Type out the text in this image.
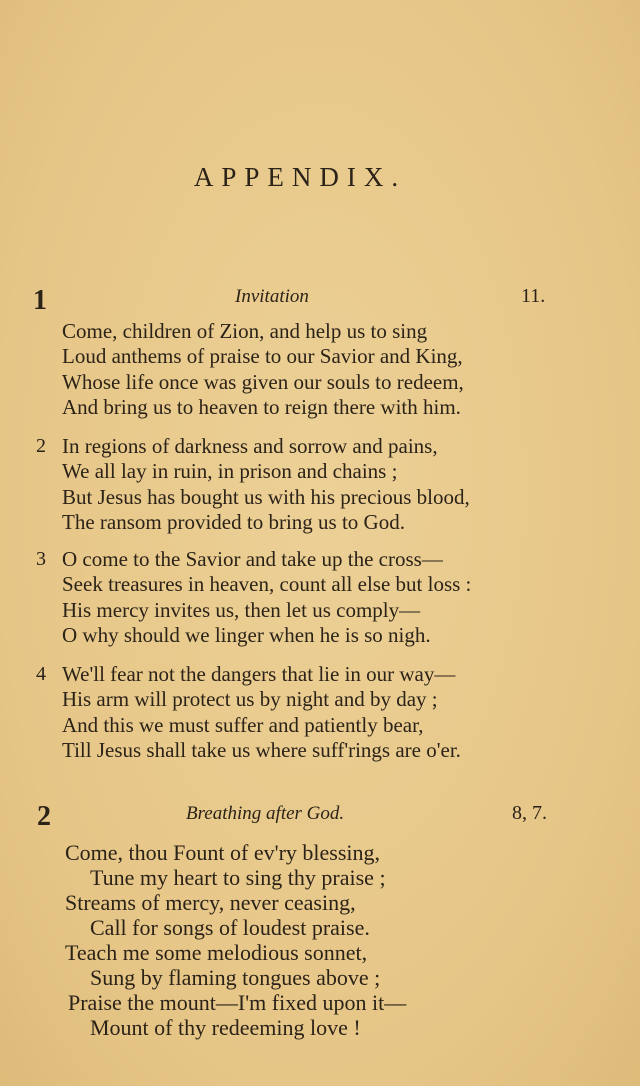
APPENDIX.
1	Invitation	11.
Come, children of Zion, and help us to sing
Loud anthems of praise to our Savior and King,
Whose life once was given our souls to redeem,
And bring us to heaven to reign there with him.
2 In regions of darkness and sorrow and pains,
We all lay in ruin, in prison and chains ;
But Jesus has bought us with his precious blood,
The ransom provided to bring us to God.
3 O come to the Savior and take up the cross—
Seek treasures in heaven, count all else but loss :
His mercy invites us, then let us comply—
O why should we linger when he is so nigh.
4 We'll fear not the dangers that lie in our way—
His arm will protect us by night and by day ;
And this we must suffer and patiently bear,
Till Jesus shall take us where suff'rings are o'er.
2	Breathing after God.	8, 7.
Come, thou Fount of ev'ry blessing,
Tune my heart to sing thy praise ;
Streams of mercy, never ceasing,
Call for songs of loudest praise.
Teach me some melodious sonnet,
Sung by flaming tongues above ;
Praise the mount—I'm fixed upon it—
Mount of thy redeeming love !
